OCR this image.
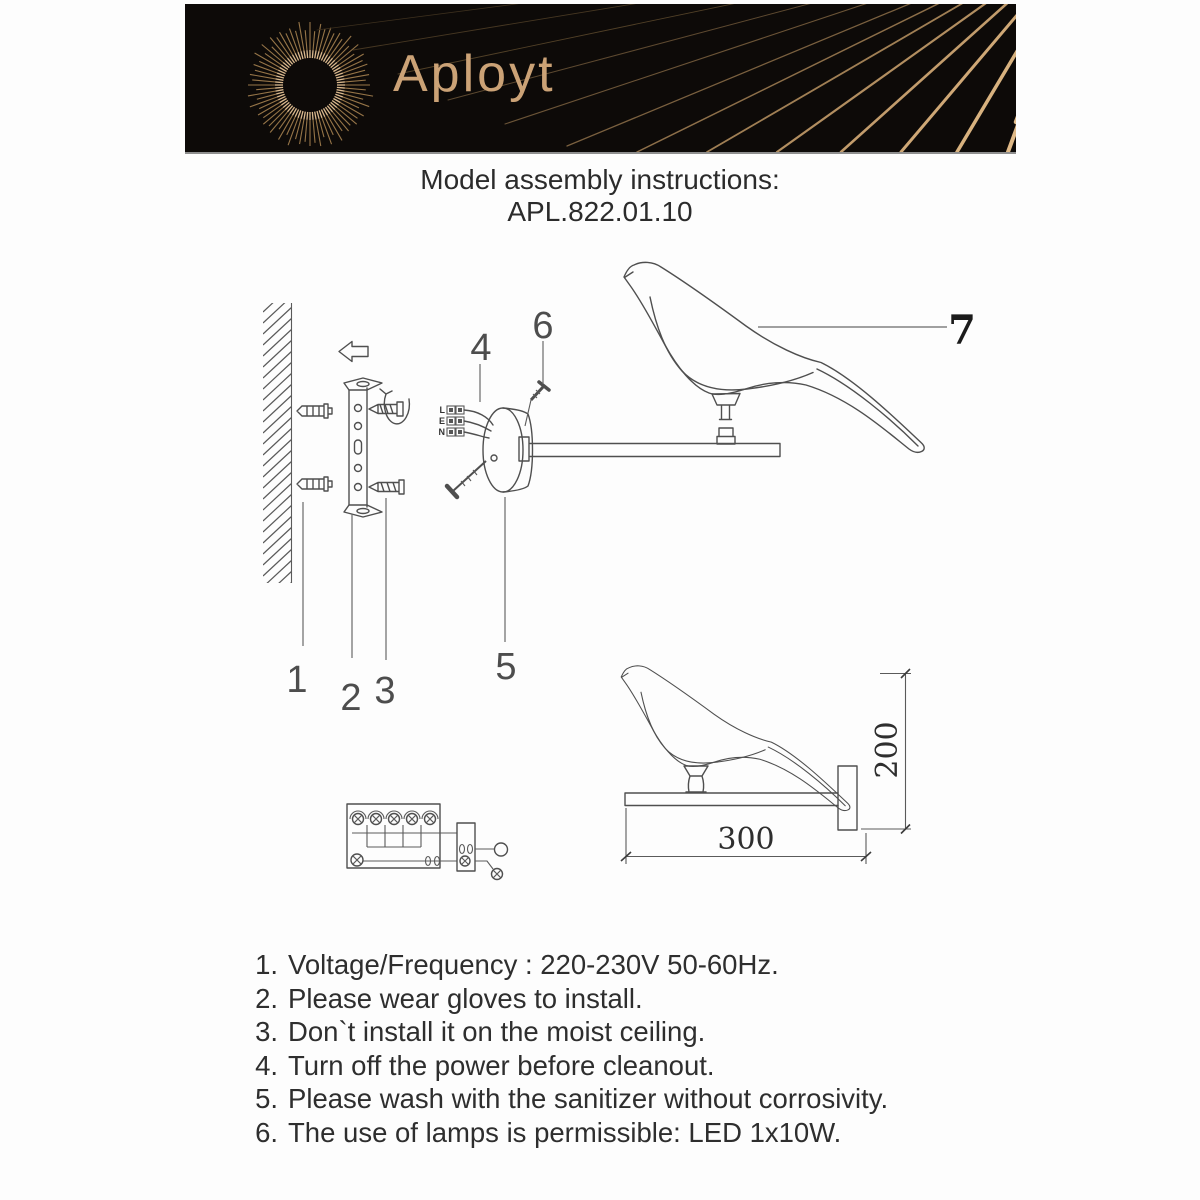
Aployt
Model assembly instructions:
APL.822.01.10
L
E
N
1 2 3
4
5
6	7
300
200
1. Voltage/Frequency : 220-230V 50-60Hz.
2. Please wear gloves to install.
3. Don`t install it on the moist ceiling.
4. Turn off the power before cleanout.
5. Please wash with the sanitizer without corrosivity.
6. The use of lamps is permissible: LED 1x10W.
